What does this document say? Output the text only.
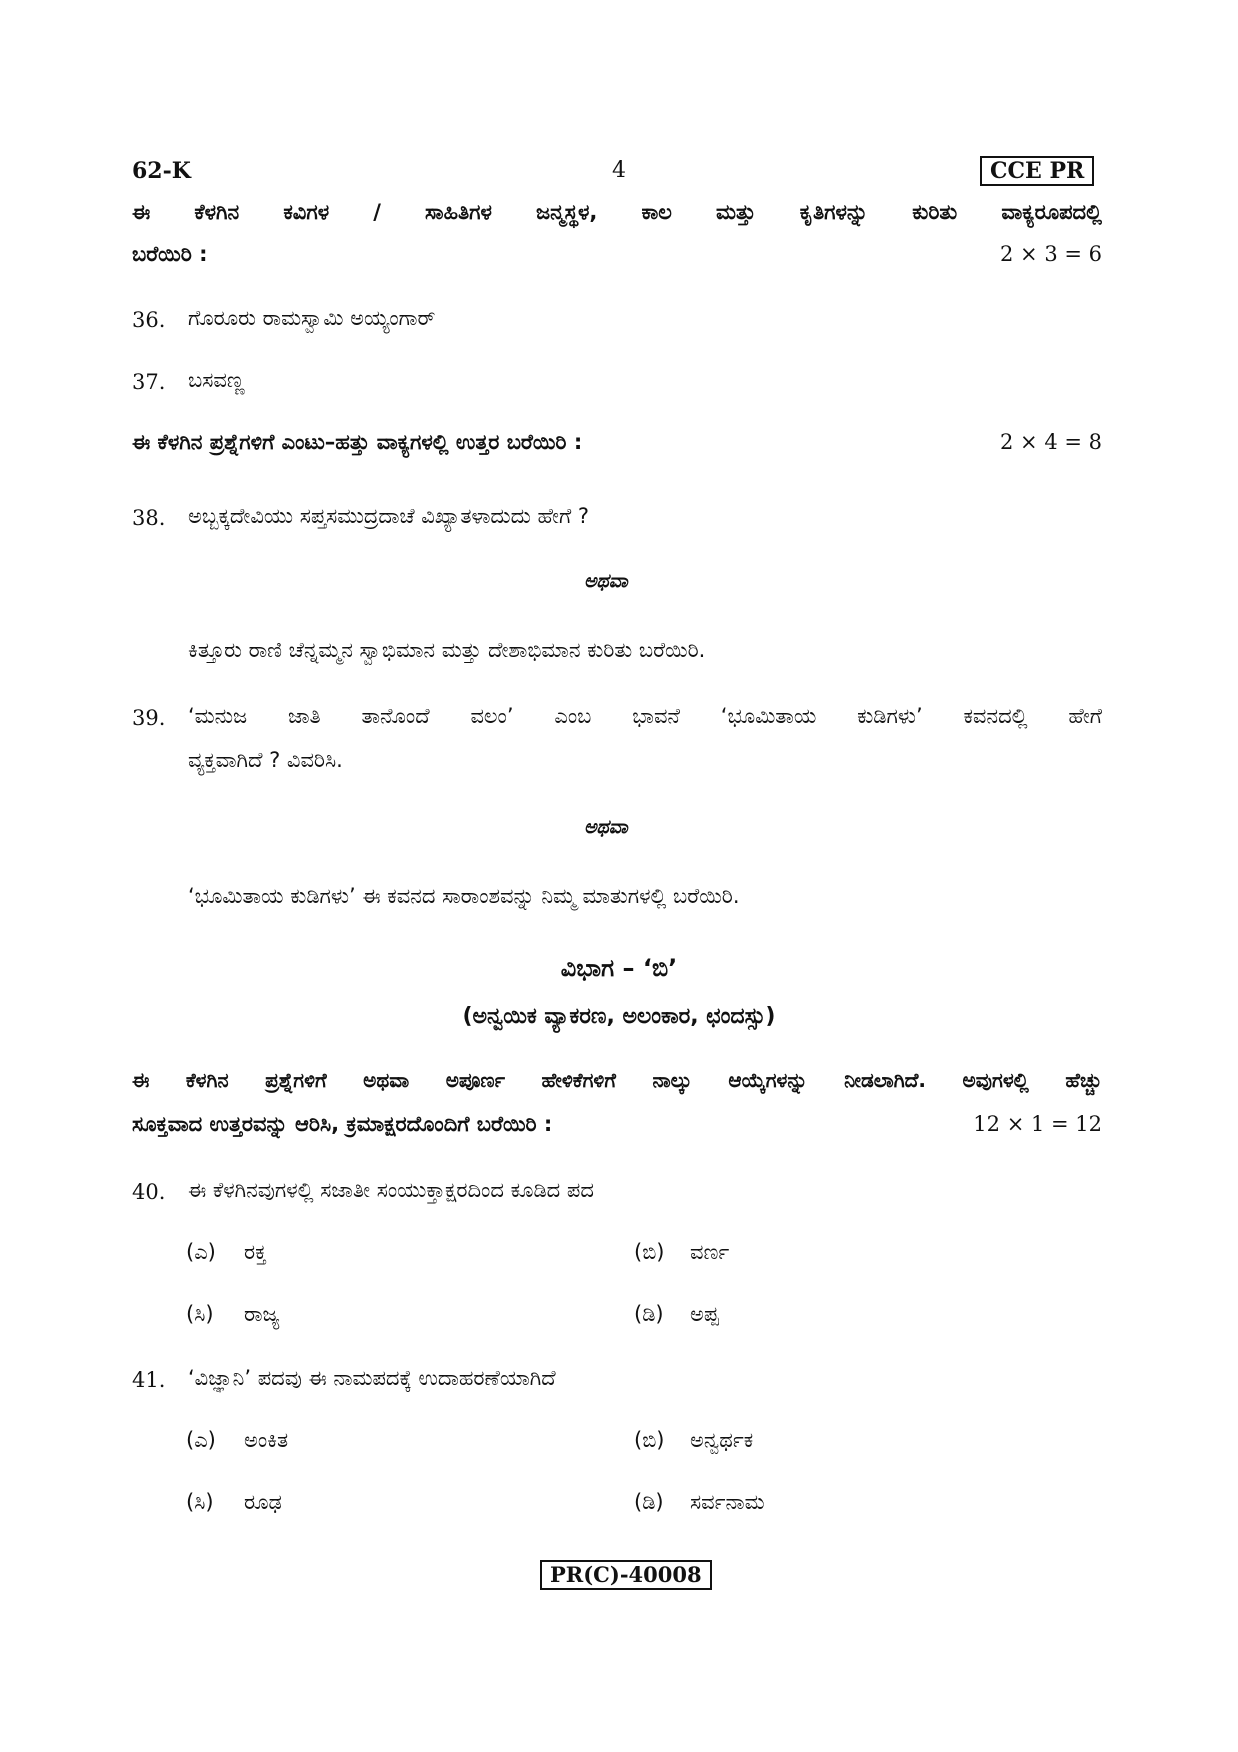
62-K	4	CCE PR
ಈ ಕೆಳಗಿನ ಕವಿಗಳ / ಸಾಹಿತಿಗಳ ಜನ್ಮಸ್ಥಳ, ಕಾಲ ಮತ್ತು ಕೃತಿಗಳನ್ನು ಕುರಿತು ವಾಕ್ಯರೂಪದಲ್ಲಿ
ಬರೆಯಿರಿ :	2 × 3 = 6
36. ಗೊರೂರು ರಾಮಸ್ವಾಮಿ ಅಯ್ಯಂಗಾರ್
37. ಬಸವಣ್ಣ
ಈ ಕೆಳಗಿನ ಪ್ರಶ್ನೆಗಳಿಗೆ ಎಂಟು–ಹತ್ತು ವಾಕ್ಯಗಳಲ್ಲಿ ಉತ್ತರ ಬರೆಯಿರಿ :	2 × 4 = 8
38. ಅಬ್ಬಕ್ಕದೇವಿಯು ಸಪ್ತಸಮುದ್ರದಾಚೆ ವಿಖ್ಯಾತಳಾದುದು ಹೇಗೆ ?
ಅಥವಾ
ಕಿತ್ತೂರು ರಾಣಿ ಚೆನ್ನಮ್ಮನ ಸ್ವಾಭಿಮಾನ ಮತ್ತು ದೇಶಾಭಿಮಾನ ಕುರಿತು ಬರೆಯಿರಿ.
39. ‘ಮನುಜ ಜಾತಿ ತಾನೊಂದೆ ವಲಂ’ ಎಂಬ ಭಾವನೆ ‘ಭೂಮಿತಾಯ ಕುಡಿಗಳು’ ಕವನದಲ್ಲಿ ಹೇಗೆ
ವ್ಯಕ್ತವಾಗಿದೆ ? ವಿವರಿಸಿ.
ಅಥವಾ
‘ಭೂಮಿತಾಯ ಕುಡಿಗಳು’ ಈ ಕವನದ ಸಾರಾಂಶವನ್ನು ನಿಮ್ಮ ಮಾತುಗಳಲ್ಲಿ ಬರೆಯಿರಿ.
ವಿಭಾಗ – ‘ಬಿ’
(ಅನ್ವಯಿಕ ವ್ಯಾಕರಣ, ಅಲಂಕಾರ, ಛಂದಸ್ಸು)
ಈ ಕೆಳಗಿನ ಪ್ರಶ್ನೆಗಳಿಗೆ ಅಥವಾ ಅಪೂರ್ಣ ಹೇಳಿಕೆಗಳಿಗೆ ನಾಲ್ಕು ಆಯ್ಕೆಗಳನ್ನು ನೀಡಲಾಗಿದೆ. ಅವುಗಳಲ್ಲಿ ಹೆಚ್ಚು
ಸೂಕ್ತವಾದ ಉತ್ತರವನ್ನು ಆರಿಸಿ, ಕ್ರಮಾಕ್ಷರದೊಂದಿಗೆ ಬರೆಯಿರಿ :	12 × 1 = 12
40. ಈ ಕೆಳಗಿನವುಗಳಲ್ಲಿ ಸಜಾತೀ ಸಂಯುಕ್ತಾಕ್ಷರದಿಂದ ಕೂಡಿದ ಪದ
(ಎ) ರಕ್ತ	(ಬಿ) ವರ್ಣ
(ಸಿ) ರಾಜ್ಯ	(ಡಿ) ಅಪ್ಪ
41. ‘ವಿಜ್ಞಾನಿ’ ಪದವು ಈ ನಾಮಪದಕ್ಕೆ ಉದಾಹರಣೆಯಾಗಿದೆ
(ಎ) ಅಂಕಿತ	(ಬಿ) ಅನ್ವರ್ಥಕ
(ಸಿ) ರೂಢ	(ಡಿ) ಸರ್ವನಾಮ
PR(C)-40008
